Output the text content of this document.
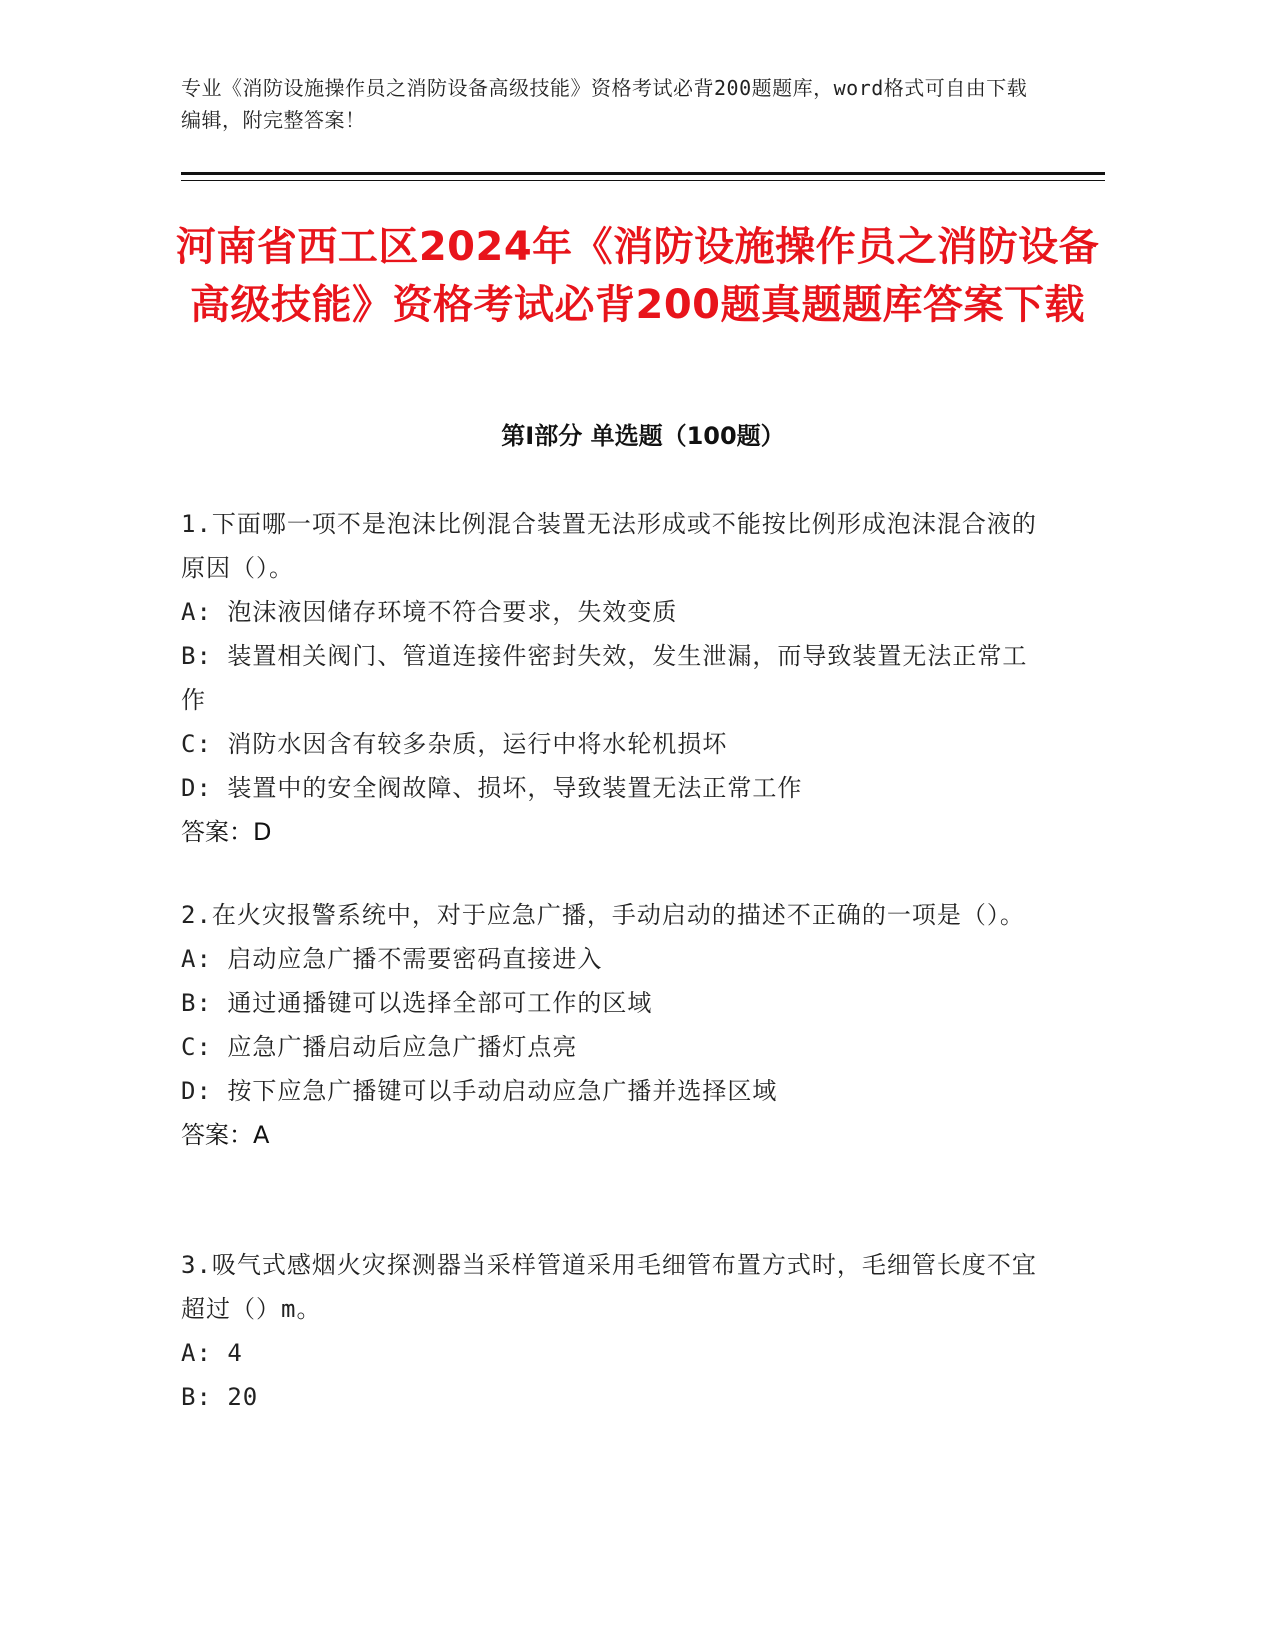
专业《消防设施操作员之消防设备高级技能》资格考试必背200题题库，word格式可自由下载编辑，附完整答案！
河南省西工区2024年《消防设施操作员之消防设备高级技能》资格考试必背200题真题题库答案下载
第Ⅰ部分 单选题（100题）
1.下面哪一项不是泡沫比例混合装置无法形成或不能按比例形成泡沫混合液的原因（）。
A: 泡沫液因储存环境不符合要求，失效变质
B: 装置相关阀门、管道连接件密封失效，发生泄漏，而导致装置无法正常工作
C: 消防水因含有较多杂质，运行中将水轮机损坏
D: 装置中的安全阀故障、损坏，导致装置无法正常工作
答案：D
2.在火灾报警系统中，对于应急广播，手动启动的描述不正确的一项是（）。
A: 启动应急广播不需要密码直接进入
B: 通过通播键可以选择全部可工作的区域
C: 应急广播启动后应急广播灯点亮
D: 按下应急广播键可以手动启动应急广播并选择区域
答案：A
3.吸气式感烟火灾探测器当采样管道采用毛细管布置方式时，毛细管长度不宜超过（）m。
A: 4
B: 20
